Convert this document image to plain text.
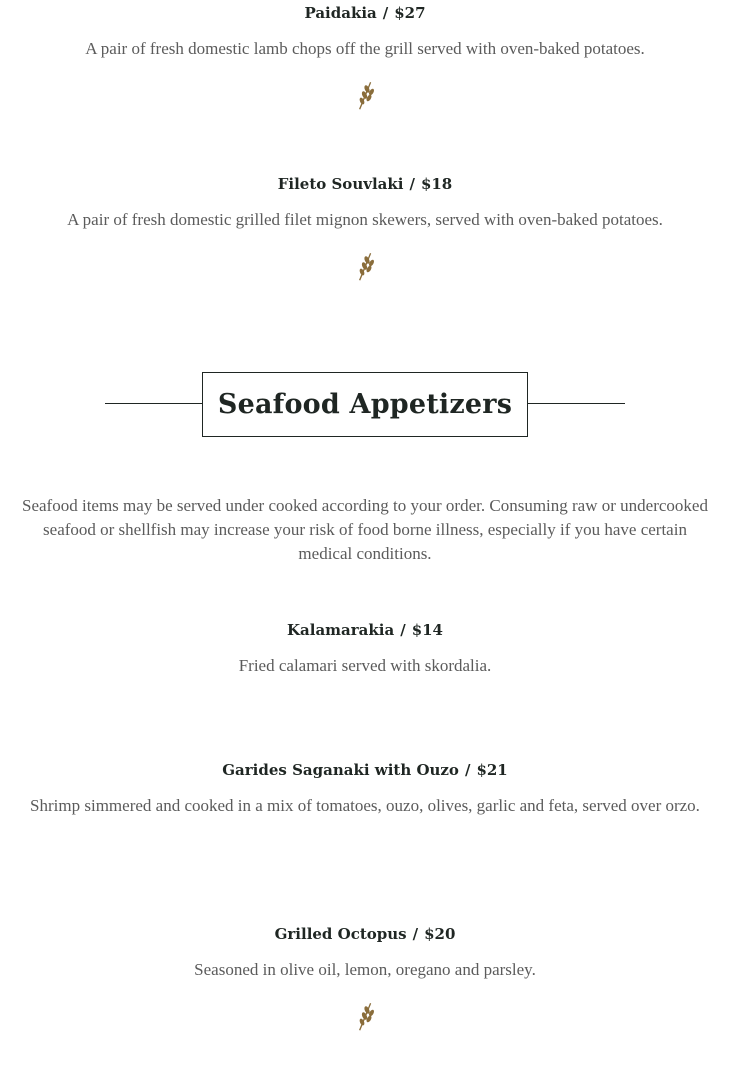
Paidakia / $27
A pair of fresh domestic lamb chops off the grill served with oven-baked potatoes.
Fileto Souvlaki / $18
A pair of fresh domestic grilled filet mignon skewers, served with oven-baked potatoes.
Seafood Appetizers
Seafood items may be served under cooked according to your order. Consuming raw or undercooked seafood or shellfish may increase your risk of food borne illness, especially if you have certain medical conditions.
Kalamarakia / $14
Fried calamari served with skordalia.
Garides Saganaki with Ouzo / $21
Shrimp simmered and cooked in a mix of tomatoes, ouzo, olives, garlic and feta, served over orzo.
Grilled Octopus / $20
Seasoned in olive oil, lemon, oregano and parsley.
